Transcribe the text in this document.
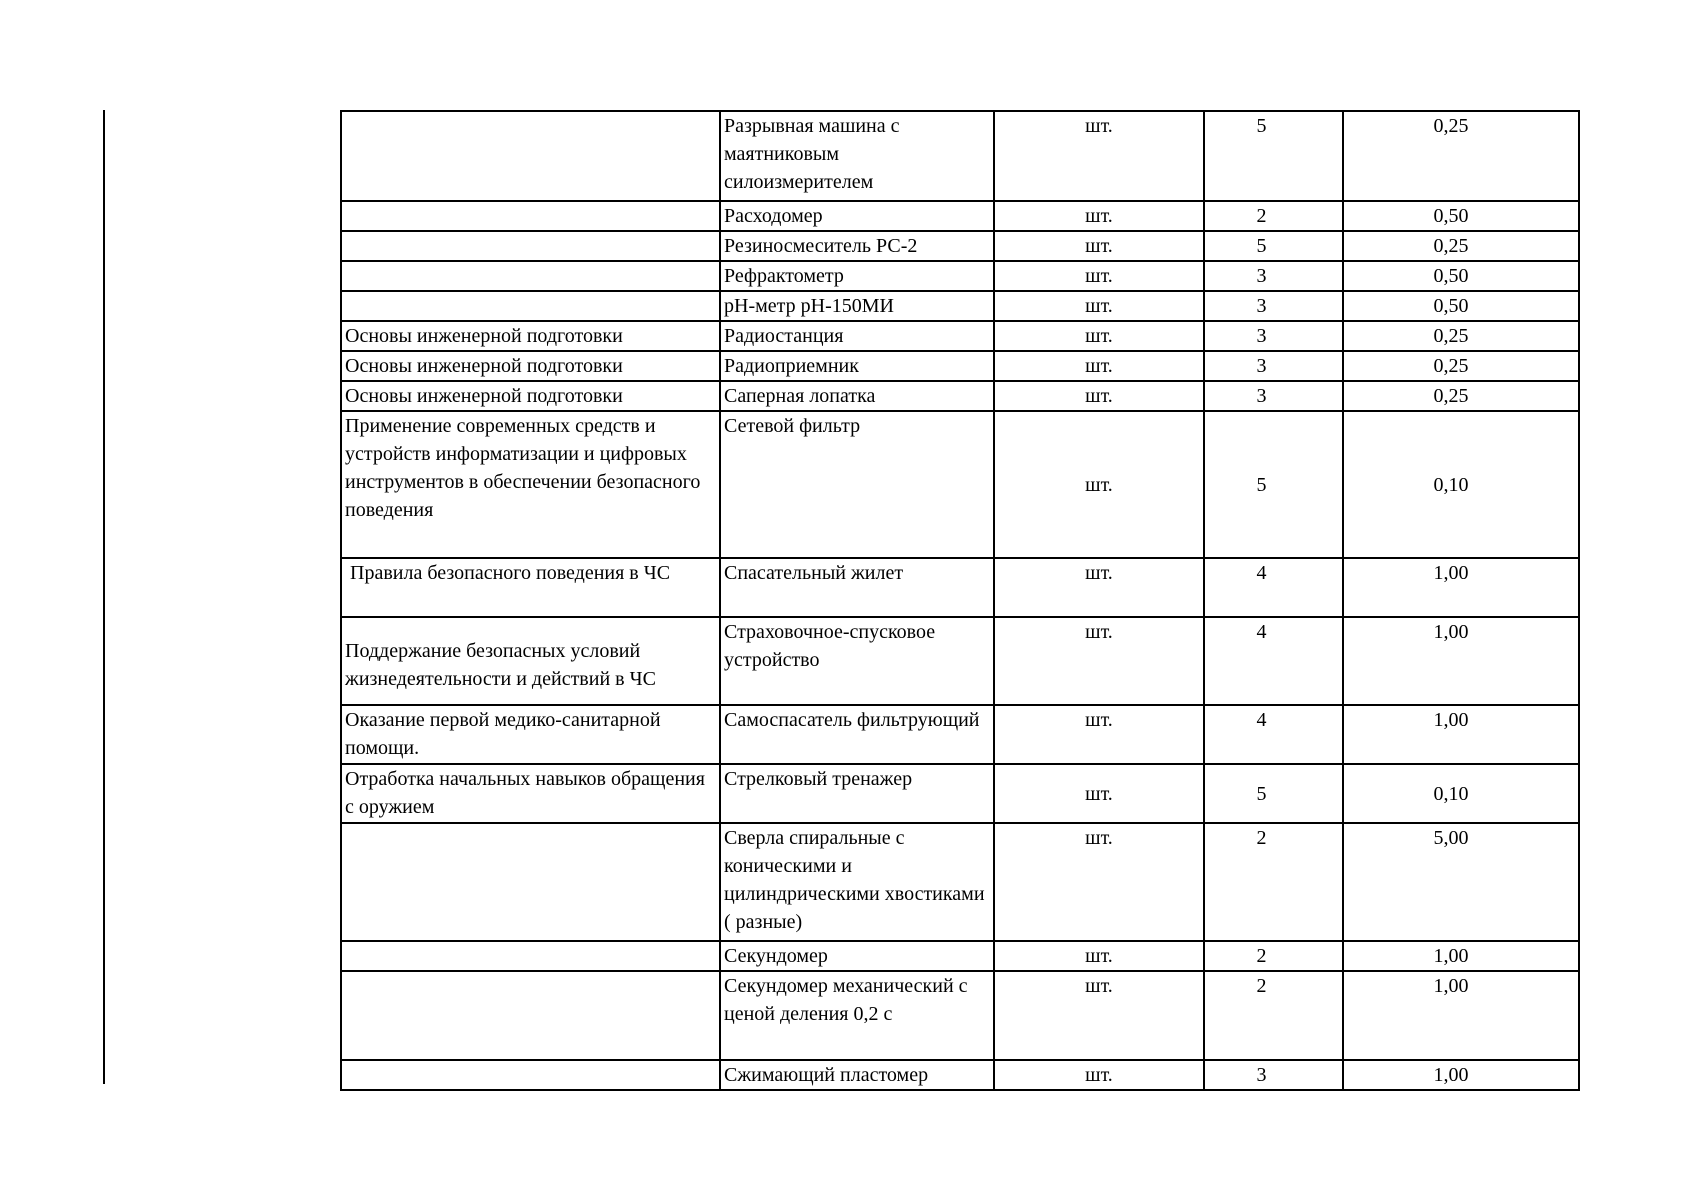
	Разрывная машина с маятниковым силоизмерителем	шт.	5	0,25
	Расходомер	шт.	2	0,50
	Резиносмеситель РС-2	шт.	5	0,25
	Рефрактометр	шт.	3	0,50
	рН-метр рН-150МИ	шт.	3	0,50
Основы инженерной подготовки	Радиостанция	шт.	3	0,25
Основы инженерной подготовки	Радиоприемник	шт.	3	0,25
Основы инженерной подготовки	Саперная лопатка	шт.	3	0,25
Применение современных средств и устройств информатизации и цифровых инструментов в обеспечении безопасного поведения	Сетевой фильтр	шт.	5	0,10
Правила безопасного поведения в ЧС	Спасательный жилет	шт.	4	1,00
Поддержание безопасных условий жизнедеятельности и действий в ЧС	Страховочное-спусковое устройство	шт.	4	1,00
Оказание первой медико-санитарной помощи.	Самоспасатель фильтрующий	шт.	4	1,00
Отработка начальных навыков обращения с оружием	Стрелковый тренажер	шт.	5	0,10
	Сверла спиральные с коническими и цилиндрическими хвостиками ( разные)	шт.	2	5,00
	Секундомер	шт.	2	1,00
	Секундомер механический с ценой деления 0,2 с	шт.	2	1,00
	Сжимающий пластомер	шт.	3	1,00
